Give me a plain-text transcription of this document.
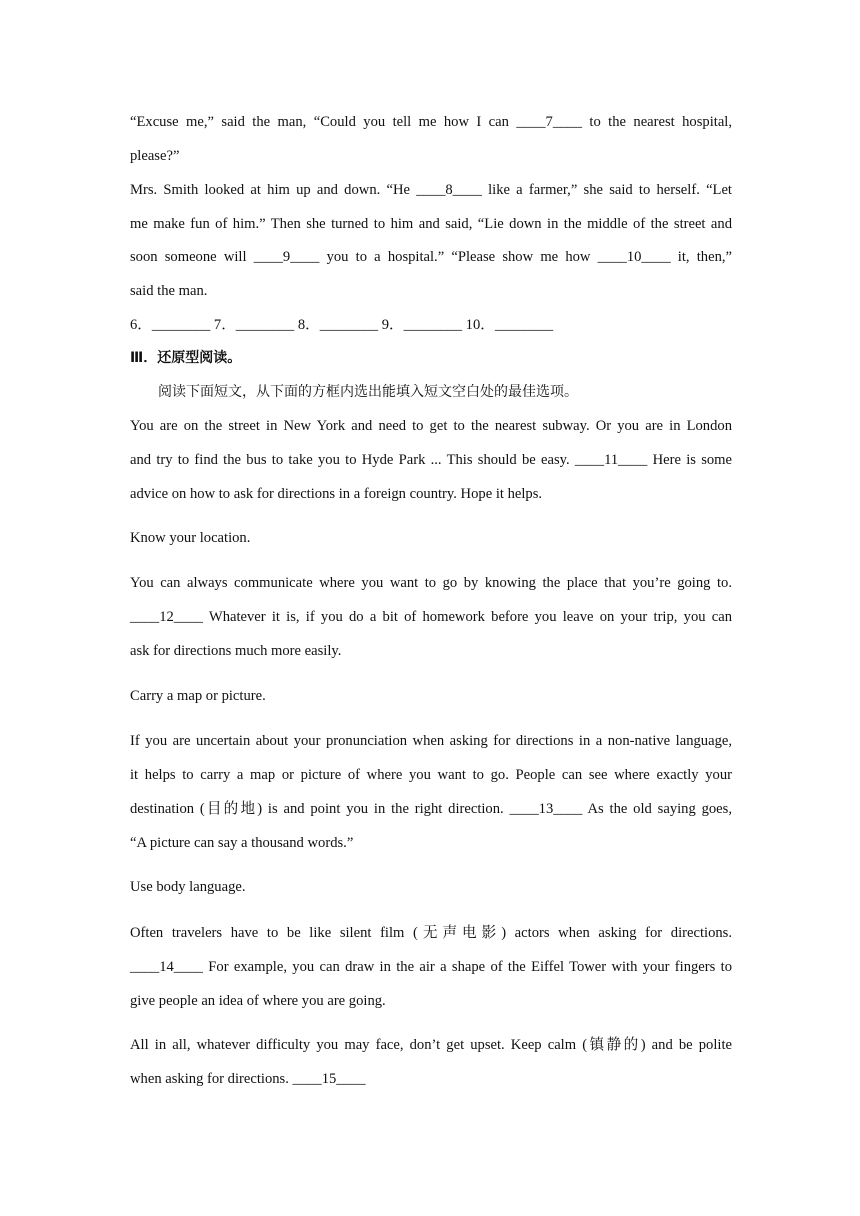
“Excuse me,” said the man, “Could you tell me how I can ____7____ to the nearest hospital,
please?”
Mrs. Smith looked at him up and down. “He ____8____ like a farmer,” she said to herself. “Let
me make fun of him.” Then she turned to him and said, “Lie down in the middle of the street and
soon someone will ____9____ you to a hospital.” “Please show me how ____10____ it, then,”
said the man.
6．________ 7．________ 8．________ 9．________ 10．________
Ⅲ．还原型阅读。
阅读下面短文，从下面的方框内选出能填入短文空白处的最佳选项。
You are on the street in New York and need to get to the nearest subway. Or you are in London
and try to find the bus to take you to Hyde Park ... This should be easy. ____11____ Here is some
advice on how to ask for directions in a foreign country. Hope it helps.
Know your location.
You can always communicate where you want to go by knowing the place that you’re going to.
____12____ Whatever it is, if you do a bit of homework before you leave on your trip, you can
ask for directions much more easily.
Carry a map or picture.
If you are uncertain about your pronunciation when asking for directions in a non-native language,
it helps to carry a map or picture of where you want to go. People can see where exactly your
destination (目的地) is and point you in the right direction. ____13____ As the old saying goes,
“A picture can say a thousand words.”
Use body language.
Often travelers have to be like silent film (无声电影) actors when asking for directions.
____14____ For example, you can draw in the air a shape of the Eiffel Tower with your fingers to
give people an idea of where you are going.
All in all, whatever difficulty you may face, don’t get upset. Keep calm (镇静的) and be polite
when asking for directions. ____15____
